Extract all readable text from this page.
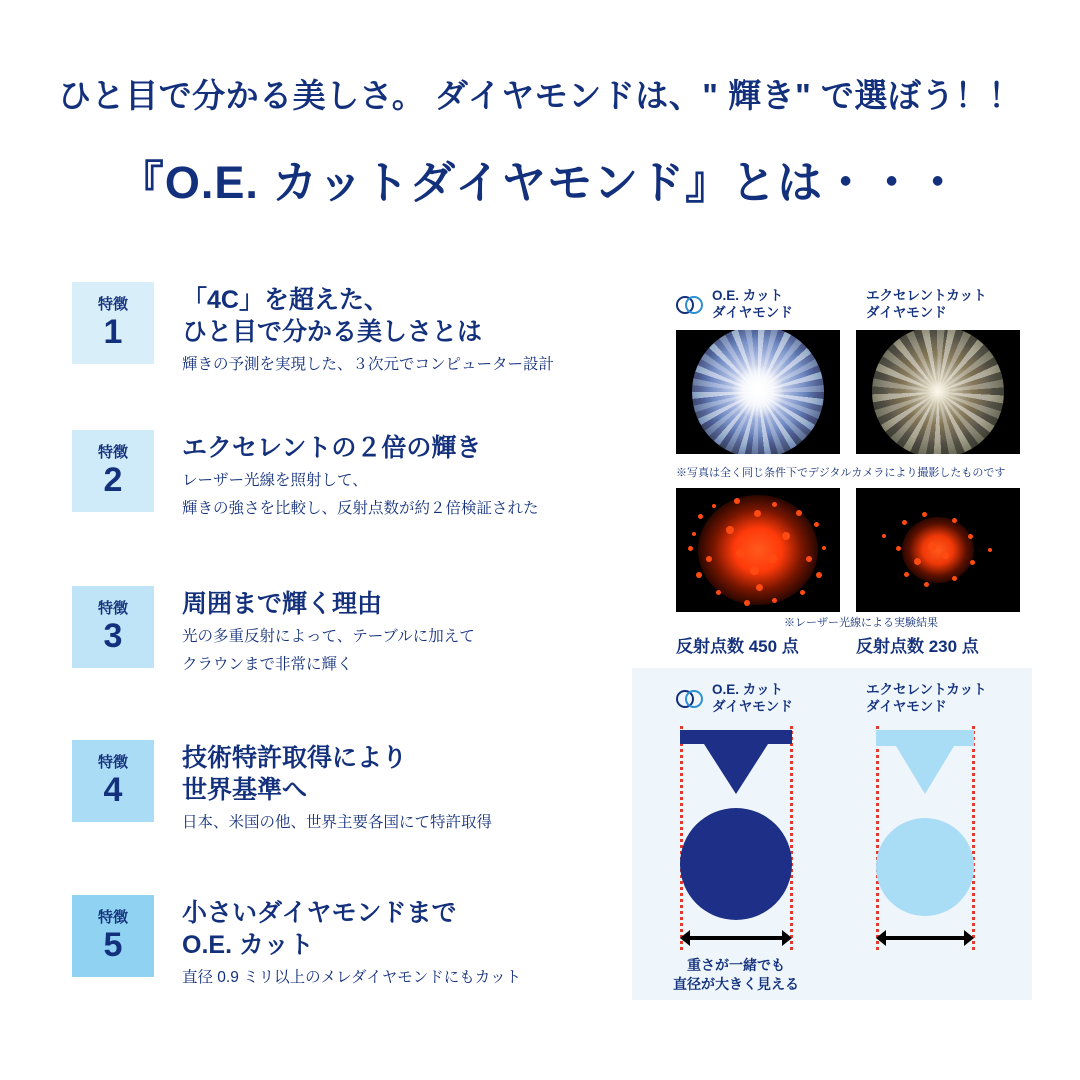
ひと目で分かる美しさ。 ダイヤモンドは、" 輝き" で選ぼう！！
『O.E. カットダイヤモンド』とは・・・
特徴
1
「4C」を超えた、
ひと目で分かる美しさとは
輝きの予測を実現した、３次元でコンピューター設計
特徴
2
エクセレントの２倍の輝き
レーザー光線を照射して、
輝きの強さを比較し、反射点数が約２倍検証された
特徴
3
周囲まで輝く理由
光の多重反射によって、テーブルに加えて
クラウンまで非常に輝く
特徴
4
技術特許取得により
世界基準へ
日本、米国の他、世界主要各国にて特許取得
特徴
5
小さいダイヤモンドまで
O.E. カット
直径 0.9 ミリ以上のメレダイヤモンドにもカット
O.E. カット
ダイヤモンド
エクセレントカット
ダイヤモンド
※写真は全く同じ条件下でデジタルカメラにより撮影したものです
※レーザー光線による実験結果
反射点数 450 点	反射点数 230 点
O.E. カット
ダイヤモンド
エクセレントカット
ダイヤモンド
重さが一緒でも
直径が大きく見える
